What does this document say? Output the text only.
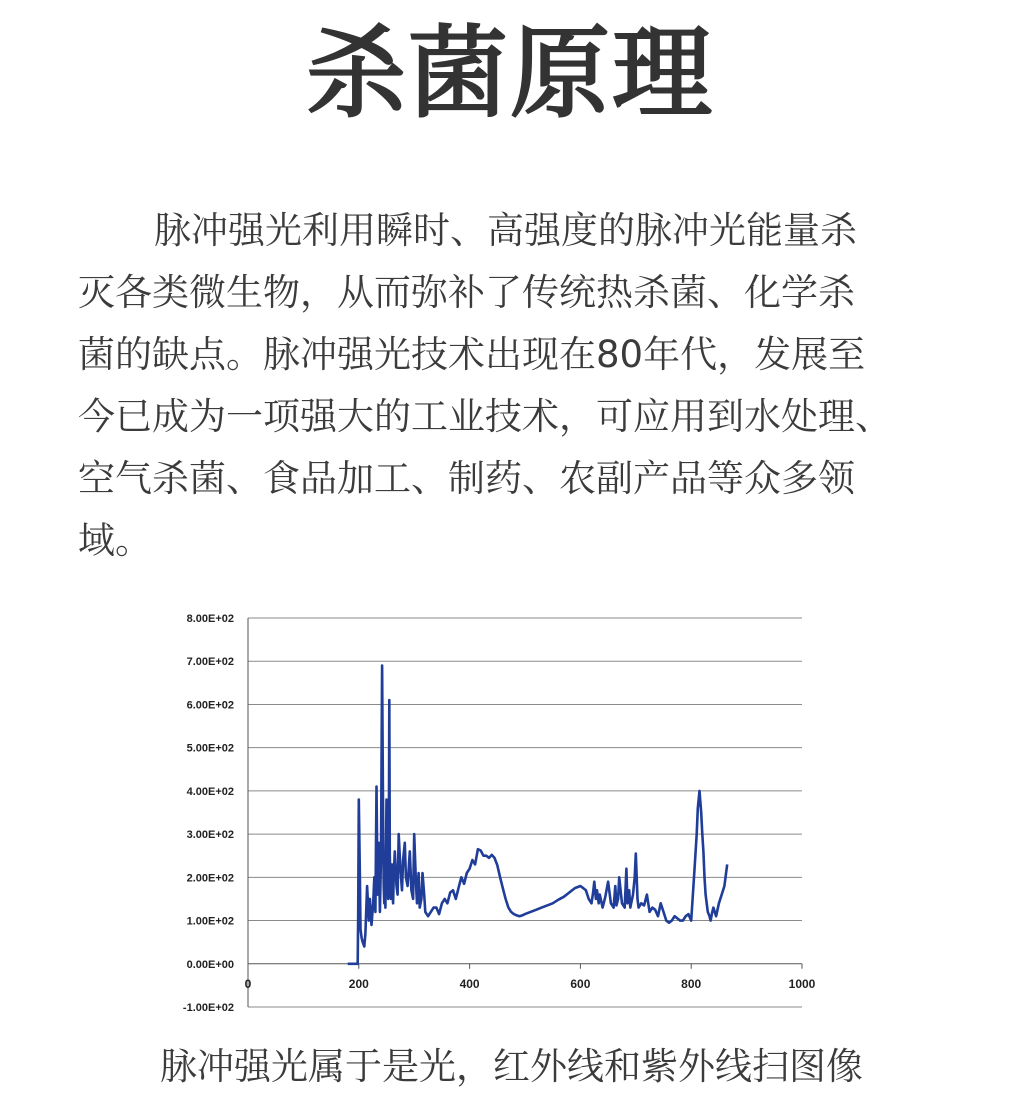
杀菌原理
脉冲强光利用瞬时、高强度的脉冲光能量杀
灭各类微生物，从而弥补了传统热杀菌、化学杀
菌的缺点。脉冲强光技术出现在80年代，发展至
今已成为一项强大的工业技术，可应用到水处理、
空气杀菌、食品加工、制药、农副产品等众多领
域。
8.00E+02
7.00E+02
6.00E+02
5.00E+02
4.00E+02
3.00E+02
2.00E+02
1.00E+02
0.00E+00
-1.00E+02
0	200	400	600	800	1000
脉冲强光属于是光，红外线和紫外线扫图像
